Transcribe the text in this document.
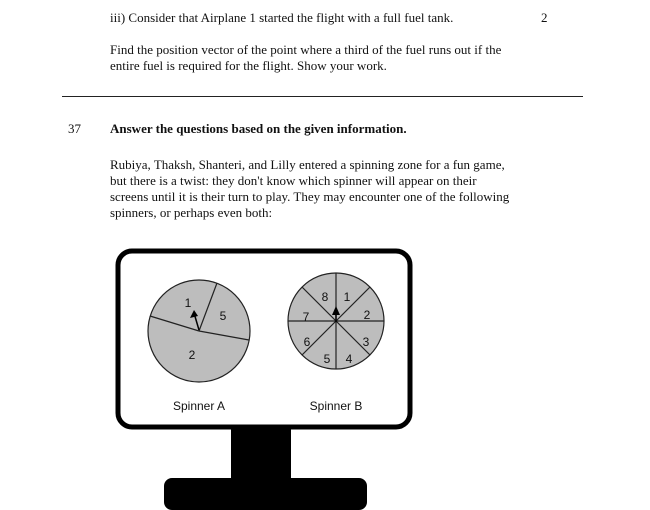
iii) Consider that Airplane 1 started the flight with a full fuel tank.	2
Find the position vector of the point where a third of the fuel runs out if the
entire fuel is required for the flight. Show your work.
37 Answer the questions based on the given information.
Rubiya, Thaksh, Shanteri, and Lilly entered a spinning zone for a fun game,
but there is a twist: they don't know which spinner will appear on their
screens until it is their turn to play. They may encounter one of the following
spinners, or perhaps even both:
1
5
2
Spinner A
8 1
2
3
4
5
6
7
Spinner B
